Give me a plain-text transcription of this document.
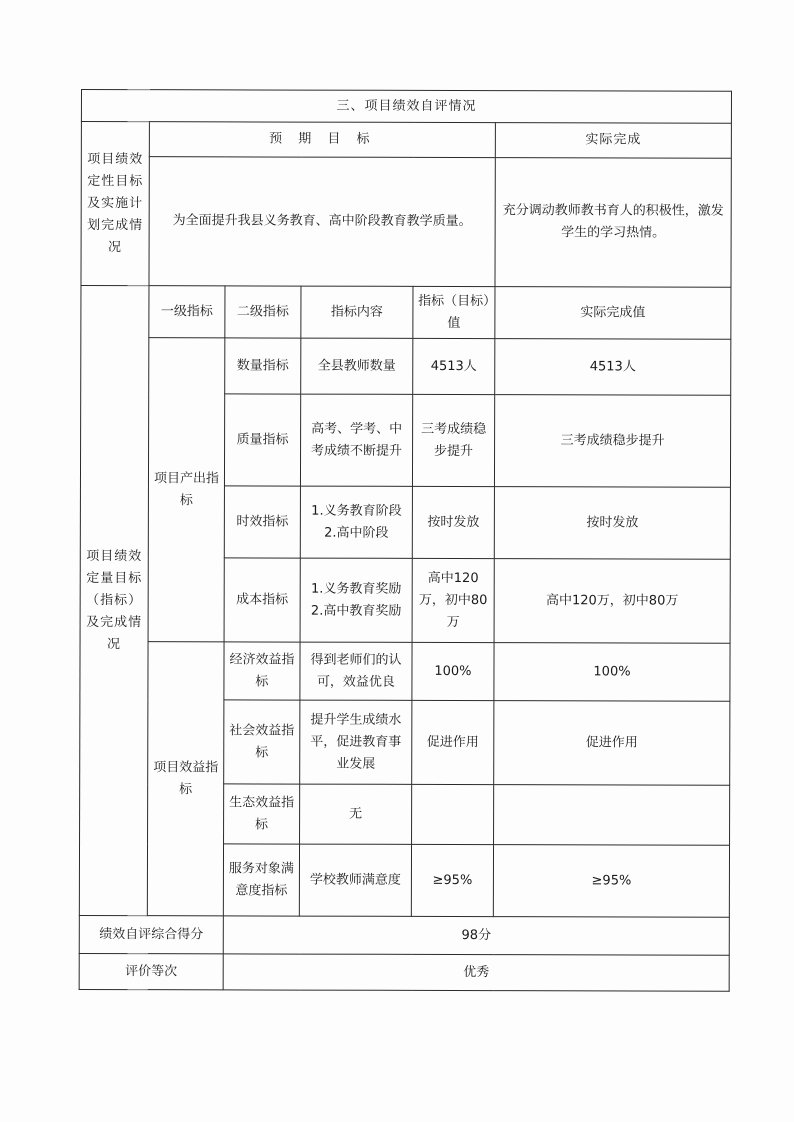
三、项目绩效自评情况					
项目绩效定性目标及实施计划完成情况	预 期 目 标				实际完成
	为全面提升我县义务教育、高中阶段教育教学质量。				充分调动教师教书育人的积极性，激发学生的学习热情。
项目绩效定量目标（指标）及完成情况	一级指标	二级指标	指标内容	指标（目标）值	实际完成值
	项目产出指标	数量指标	全县教师数量	4513人	4513人
		质量指标	高考、学考、中考成绩不断提升	三考成绩稳步提升	三考成绩稳步提升
		时效指标	1.义务教育阶段
2.高中阶段	按时发放	按时发放
		成本指标	1.义务教育奖励
2.高中教育奖励	高中120万，初中80万	高中120万，初中80万
	项目效益指标	经济效益指标	得到老师们的认可，效益优良	100%	100%
		社会效益指标	提升学生成绩水平，促进教育事业发展	促进作用	促进作用
		生态效益指标	无		
		服务对象满意度指标	学校教师满意度	≥95%	≥95%
绩效自评综合得分		98分			
评价等次		优秀			
